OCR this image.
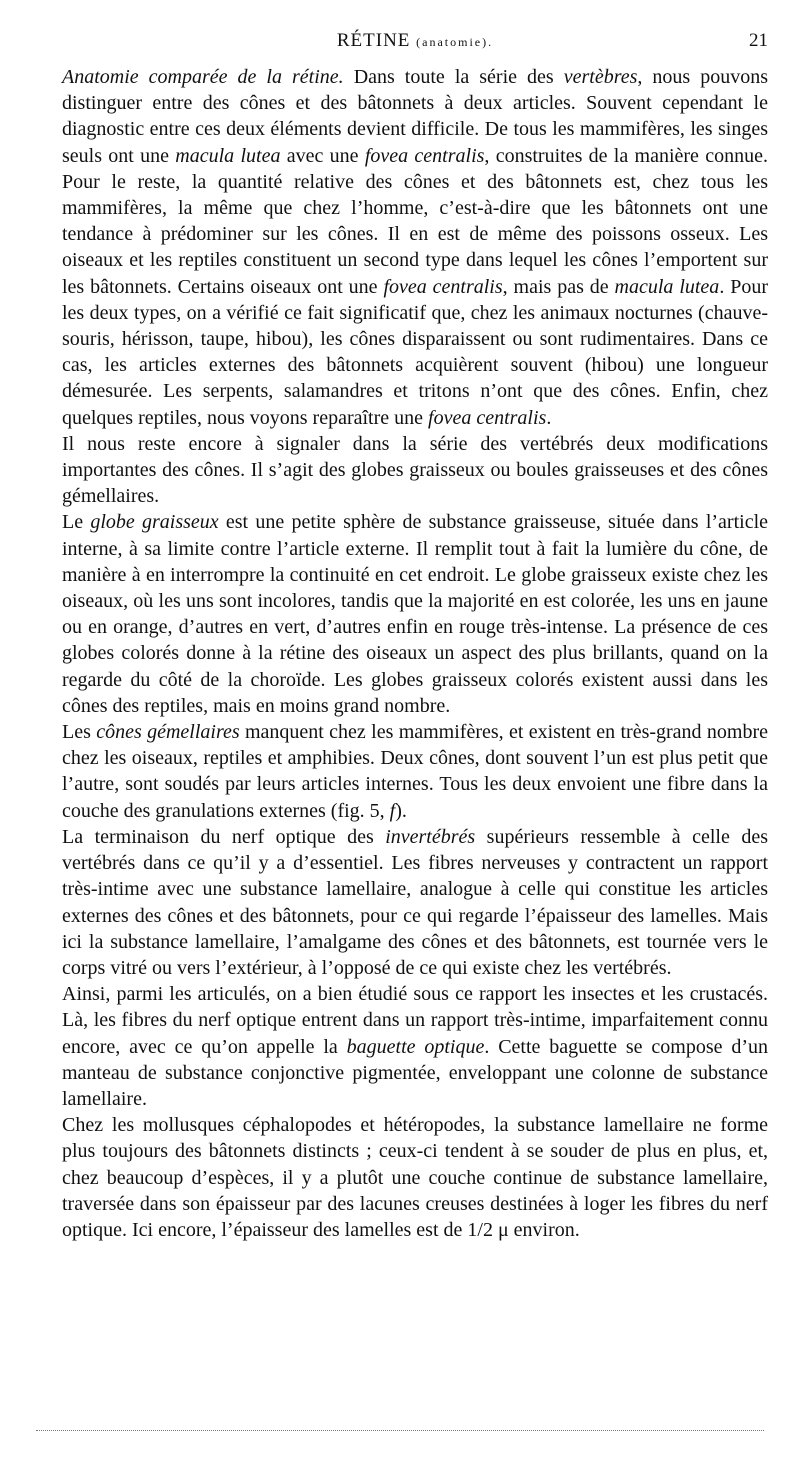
RÉTINE (anatomie).	21

Anatomie comparée de la rétine. Dans toute la série des vertèbres, nous pouvons distinguer entre des cônes et des bâtonnets à deux articles. Souvent cependant le diagnostic entre ces deux éléments devient difficile. De tous les mammifères, les singes seuls ont une macula lutea avec une fovea centralis, construites de la manière connue. Pour le reste, la quantité relative des cônes et des bâtonnets est, chez tous les mammifères, la même que chez l’homme, c’est-à-dire que les bâtonnets ont une tendance à prédominer sur les cônes. Il en est de même des poissons osseux. Les oiseaux et les reptiles constituent un second type dans lequel les cônes l’emportent sur les bâtonnets. Certains oiseaux ont une fovea centralis, mais pas de macula lutea. Pour les deux types, on a vérifié ce fait significatif que, chez les animaux nocturnes (chauve-souris, hérisson, taupe, hibou), les cônes disparaissent ou sont rudimentaires. Dans ce cas, les articles externes des bâtonnets acquièrent souvent (hibou) une longueur démesurée. Les serpents, salamandres et tritons n’ont que des cônes. Enfin, chez quelques reptiles, nous voyons reparaître une fovea centralis.

Il nous reste encore à signaler dans la série des vertébrés deux modifications importantes des cônes. Il s’agit des globes graisseux ou boules graisseuses et des cônes gémellaires.

Le globe graisseux est une petite sphère de substance graisseuse, située dans l’article interne, à sa limite contre l’article externe. Il remplit tout à fait la lumière du cône, de manière à en interrompre la continuité en cet endroit. Le globe graisseux existe chez les oiseaux, où les uns sont incolores, tandis que la majorité en est colorée, les uns en jaune ou en orange, d’autres en vert, d’autres enfin en rouge très-intense. La présence de ces globes colorés donne à la rétine des oiseaux un aspect des plus brillants, quand on la regarde du côté de la choroïde. Les globes graisseux colorés existent aussi dans les cônes des reptiles, mais en moins grand nombre.

Les cônes gémellaires manquent chez les mammifères, et existent en très-grand nombre chez les oiseaux, reptiles et amphibies. Deux cônes, dont souvent l’un est plus petit que l’autre, sont soudés par leurs articles internes. Tous les deux envoient une fibre dans la couche des granulations externes (fig. 5, f).

La terminaison du nerf optique des invertébrés supérieurs ressemble à celle des vertébrés dans ce qu’il y a d’essentiel. Les fibres nerveuses y contractent un rapport très-intime avec une substance lamellaire, analogue à celle qui constitue les articles externes des cônes et des bâtonnets, pour ce qui regarde l’épaisseur des lamelles. Mais ici la substance lamellaire, l’amalgame des cônes et des bâtonnets, est tournée vers le corps vitré ou vers l’extérieur, à l’opposé de ce qui existe chez les vertébrés.

Ainsi, parmi les articulés, on a bien étudié sous ce rapport les insectes et les crustacés. Là, les fibres du nerf optique entrent dans un rapport très-intime, imparfaitement connu encore, avec ce qu’on appelle la baguette optique. Cette baguette se compose d’un manteau de substance conjonctive pigmentée, enveloppant une colonne de substance lamellaire.

Chez les mollusques céphalopodes et hétéropodes, la substance lamellaire ne forme plus toujours des bâtonnets distincts ; ceux-ci tendent à se souder de plus en plus, et, chez beaucoup d’espèces, il y a plutôt une couche continue de substance lamellaire, traversée dans son épaisseur par des lacunes creuses destinées à loger les fibres du nerf optique. Ici encore, l’épaisseur des lamelles est de 1/2 μ environ.
